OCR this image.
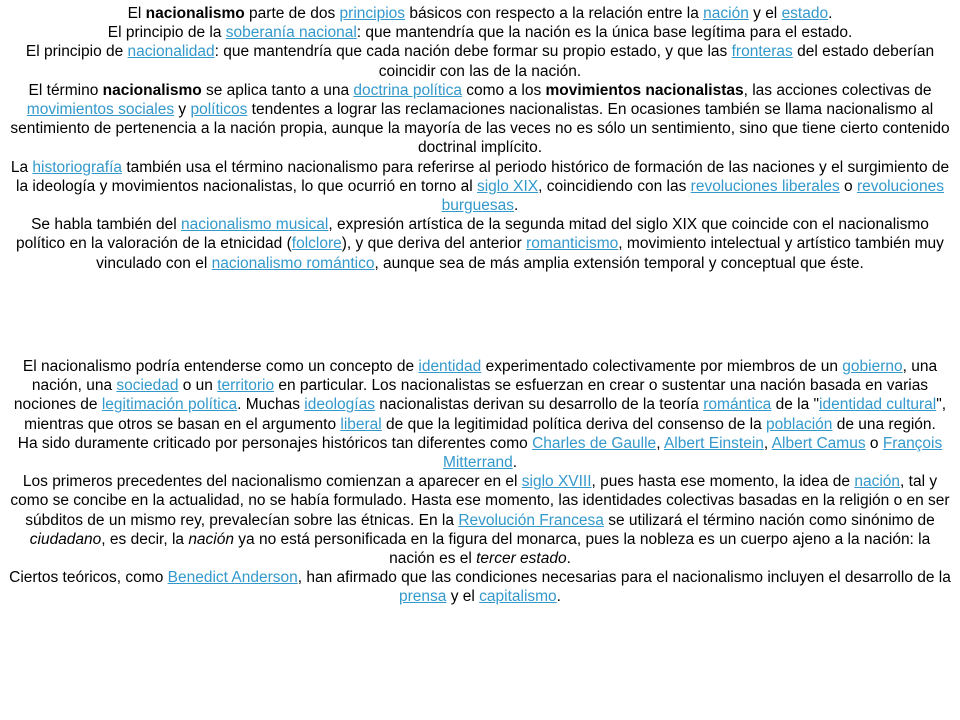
El nacionalismo parte de dos principios básicos con respecto a la relación entre la nación y el estado.

El principio de la soberanía nacional: que mantendría que la nación es la única base legítima para el estado.

El principio de nacionalidad: que mantendría que cada nación debe formar su propio estado, y que las fronteras del estado deberían coincidir con las de la nación.

El término nacionalismo se aplica tanto a una doctrina política como a los movimientos nacionalistas, las acciones colectivas de movimientos sociales y políticos tendentes a lograr las reclamaciones nacionalistas. En ocasiones también se llama nacionalismo al sentimiento de pertenencia a la nación propia, aunque la mayoría de las veces no es sólo un sentimiento, sino que tiene cierto contenido doctrinal implícito.

La historiografía también usa el término nacionalismo para referirse al periodo histórico de formación de las naciones y el surgimiento de la ideología y movimientos nacionalistas, lo que ocurrió en torno al siglo XIX, coincidiendo con las revoluciones liberales o revoluciones burguesas.

Se habla también del nacionalismo musical, expresión artística de la segunda mitad del siglo XIX que coincide con el nacionalismo político en la valoración de la etnicidad (folclore), y que deriva del anterior romanticismo, movimiento intelectual y artístico también muy vinculado con el nacionalismo romántico, aunque sea de más amplia extensión temporal y conceptual que éste.

El nacionalismo podría entenderse como un concepto de identidad experimentado colectivamente por miembros de un gobierno, una nación, una sociedad o un territorio en particular. Los nacionalistas se esfuerzan en crear o sustentar una nación basada en varias nociones de legitimación política. Muchas ideologías nacionalistas derivan su desarrollo de la teoría romántica de la "identidad cultural", mientras que otros se basan en el argumento liberal de que la legitimidad política deriva del consenso de la población de una región.

Ha sido duramente criticado por personajes históricos tan diferentes como Charles de Gaulle, Albert Einstein, Albert Camus o François Mitterrand.

Los primeros precedentes del nacionalismo comienzan a aparecer en el siglo XVIII, pues hasta ese momento, la idea de nación, tal y como se concibe en la actualidad, no se había formulado. Hasta ese momento, las identidades colectivas basadas en la religión o en ser súbditos de un mismo rey, prevalecían sobre las étnicas. En la Revolución Francesa se utilizará el término nación como sinónimo de ciudadano, es decir, la nación ya no está personificada en la figura del monarca, pues la nobleza es un cuerpo ajeno a la nación: la nación es el tercer estado.

Ciertos teóricos, como Benedict Anderson, han afirmado que las condiciones necesarias para el nacionalismo incluyen el desarrollo de la prensa y el capitalismo.
